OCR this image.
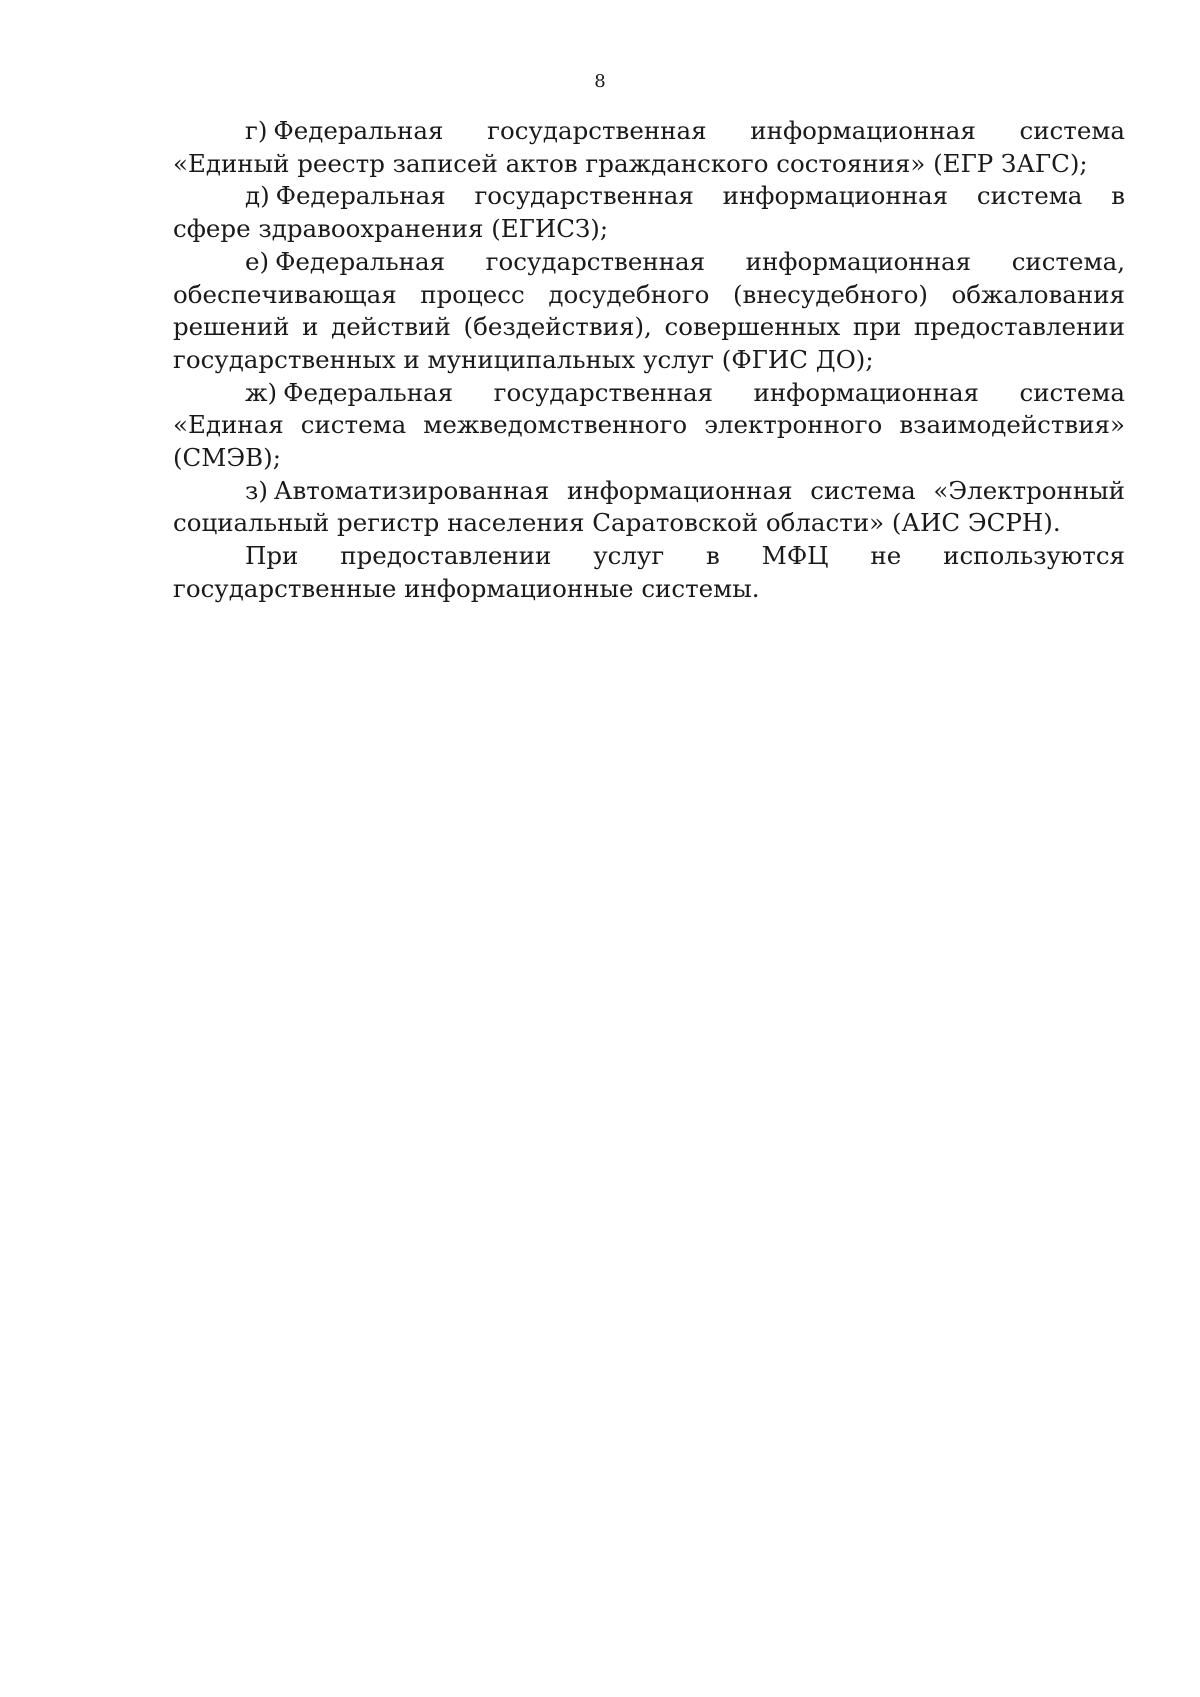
8

г) Федеральная государственная информационная система «Единый реестр записей актов гражданского состояния» (ЕГР ЗАГС);

д) Федеральная государственная информационная система в сфере здравоохранения (ЕГИСЗ);

е) Федеральная государственная информационная система, обеспечивающая процесс досудебного (внесудебного) обжалования решений и действий (бездействия), совершенных при предоставлении государственных и муниципальных услуг (ФГИС ДО);

ж) Федеральная государственная информационная система «Единая система межведомственного электронного взаимодействия» (СМЭВ);

з) Автоматизированная информационная система «Электронный социальный регистр населения Саратовской области» (АИС ЭСРН).

При предоставлении услуг в МФЦ не используются государственные информационные системы.
